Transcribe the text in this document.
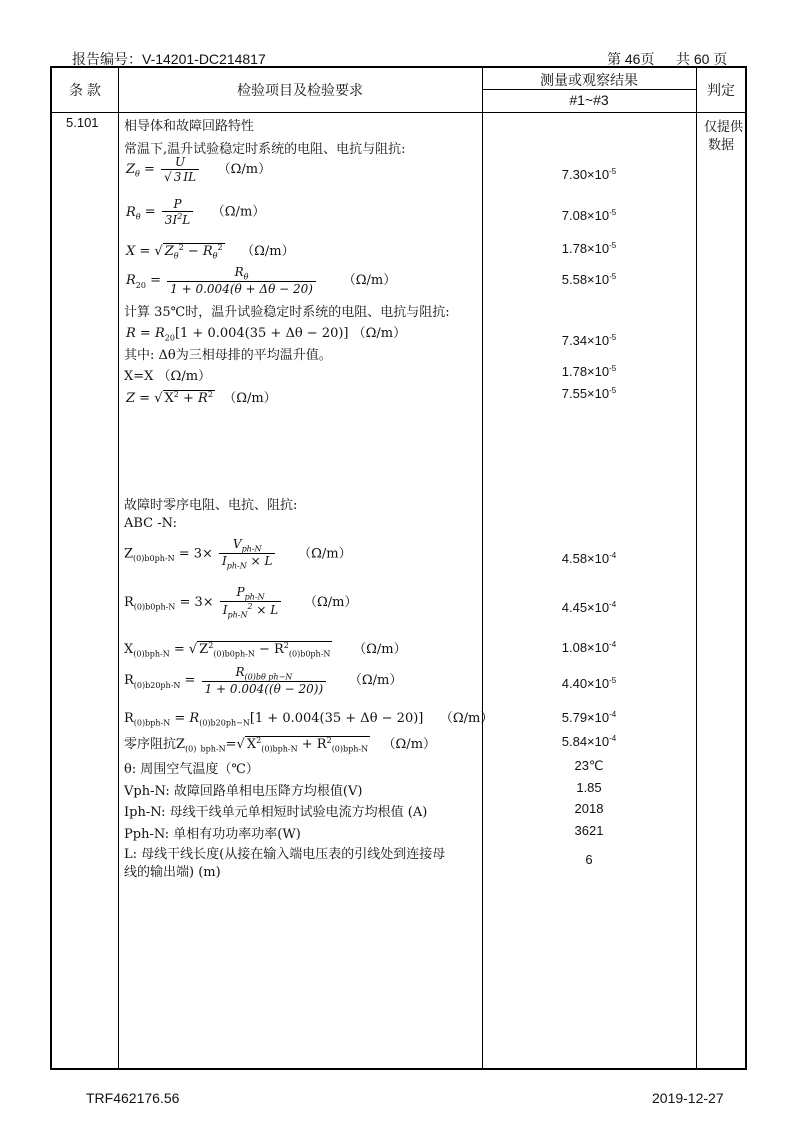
报告编号：V-14201-DC214817	第 46页 共 60 页
条 款	检验项目及检验要求
测量或观察结果
#1~#3
判定
5.101	仅提供
数据
相导体和故障回路特性
常温下,温升试验稳定时系统的电阻、电抗与阻抗:
$Z_\theta = \frac{U}{√ 3 IL} (\Omega/m)$	$7.30\times 10^{-5}$
$R_\theta = \frac{P}{3I^2L} (\Omega/m)$	$7.08\times 10^{-5}$
X = √ $Z_\theta^2 - R_\theta^2$ （Ω/m）	$1.78\times 10^{-5}$
$R_{20} = \frac{R_\theta}{1 + 0.004(\theta + \Delta\theta - 20)} (\Omega/m)$	$5.58\times 10^{-5}$
计算 35℃时，温升试验稳定时系统的电阻、电抗与阻抗:
$R = R_{20}[1 + 0.004(35 + \Delta\theta - 20)]$ （Ω/m）	$7.34\times 10^{-5}$
其中: Δθ为三相母排的平均温升值。
X=X （Ω/m）	$1.78\times 10^{-5}$
Z = √ $X^2 + R^2$ （Ω/m）	$7.55\times 10^{-5}$
故障时零序电阻、电抗、阻抗:
ABC -N:
$Z_{(0)b0ph-N} = 3\times \frac{V_{ph-N}}{I_{ph-N} \times L} (\Omega/m)$	$4.58\times 10^{-4}$
$R_{(0)b0ph-N} = 3\times \frac{P_{ph-N}}{I_{ph-N}^2 \times L} (\Omega/m)$	$4.45\times 10^{-4}$
$X_{(0)bph-N}$ = √ $Z^2_{(0)b0ph-N} - R^2_{(0)b0ph-N}$ （Ω/m）	$1.08\times 10^{-4}$
$R_{(0)b20ph-N} = \frac{R_{(0)b\theta ph-N}}{1 + 0.004((\theta - 20))} (\Omega/m)$	$4.40\times 10^{-5}$
$R_{(0)bph-N} = R_{(0)b20ph-N}[1 + 0.004(35 + \Delta\theta - 20)]$    （Ω/m）	$5.79\times 10^{-4}$
零序阻抗$Z_{(0)}$ $_{bph-N}$=√ $X^2_{(0)bph-N} + R^2_{(0)bph-N}$ （Ω/m）	$5.84\times 10^{-4}$
θ: 周围空气温度（℃）	23℃
Vph-N: 故障回路单相电压降方均根值(V)	1.85
Iph-N: 母线干线单元单相短时试验电流方均根值 (A)	2018
Pph-N: 单相有功功率功率(W)	3621
L: 母线干线长度(从接在输入端电压表的引线处到连接母
线的输出端) (m)
6
TRF462176.56	2019-12-27
